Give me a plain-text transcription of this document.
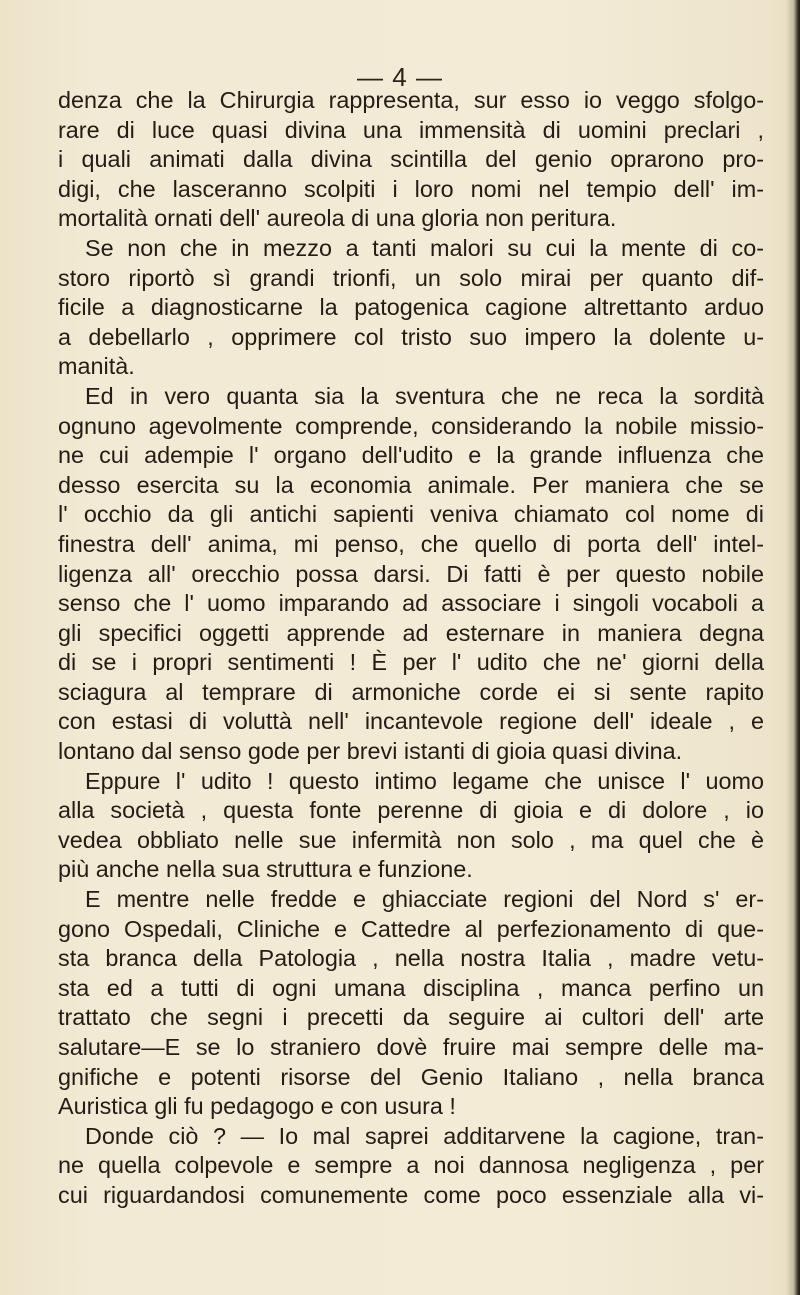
— 4 —
denza che la Chirurgia rappresenta, sur esso io veggo sfolgo-
rare di luce quasi divina una immensità di uomini preclari ,
i quali animati dalla divina scintilla del genio oprarono pro-
digi, che lasceranno scolpiti i loro nomi nel tempio dell' im-
mortalità ornati dell' aureola di una gloria non peritura.
Se non che in mezzo a tanti malori su cui la mente di co-
storo riportò sì grandi trionfi, un solo mirai per quanto dif-
ficile a diagnosticarne la patogenica cagione altrettanto arduo
a debellarlo , opprimere col tristo suo impero la dolente u-
manità.
Ed in vero quanta sia la sventura che ne reca la sordità
ognuno agevolmente comprende, considerando la nobile missio-
ne cui adempie l' organo dell'udito e la grande influenza che
desso esercita su la economia animale. Per maniera che se
l' occhio da gli antichi sapienti veniva chiamato col nome di
finestra dell' anima, mi penso, che quello di porta dell' intel-
ligenza all' orecchio possa darsi. Di fatti è per questo nobile
senso che l' uomo imparando ad associare i singoli vocaboli a
gli specifici oggetti apprende ad esternare in maniera degna
di se i propri sentimenti ! È per l' udito che ne' giorni della
sciagura al temprare di armoniche corde ei si sente rapito
con estasi di voluttà nell' incantevole regione dell' ideale , e
lontano dal senso gode per brevi istanti di gioia quasi divina.
Eppure l' udito ! questo intimo legame che unisce l' uomo
alla società , questa fonte perenne di gioia e di dolore , io
vedea obbliato nelle sue infermità non solo , ma quel che è
più anche nella sua struttura e funzione.
E mentre nelle fredde e ghiacciate regioni del Nord s' er-
gono Ospedali, Cliniche e Cattedre al perfezionamento di que-
sta branca della Patologia , nella nostra Italia , madre vetu-
sta ed a tutti di ogni umana disciplina , manca perfino un
trattato che segni i precetti da seguire ai cultori dell' arte
salutare—E se lo straniero dovè fruire mai sempre delle ma-
gnifiche e potenti risorse del Genio Italiano , nella branca
Auristica gli fu pedagogo e con usura !
Donde ciò ? — Io mal saprei additarvene la cagione, tran-
ne quella colpevole e sempre a noi dannosa negligenza , per
cui riguardandosi comunemente come poco essenziale alla vi-
